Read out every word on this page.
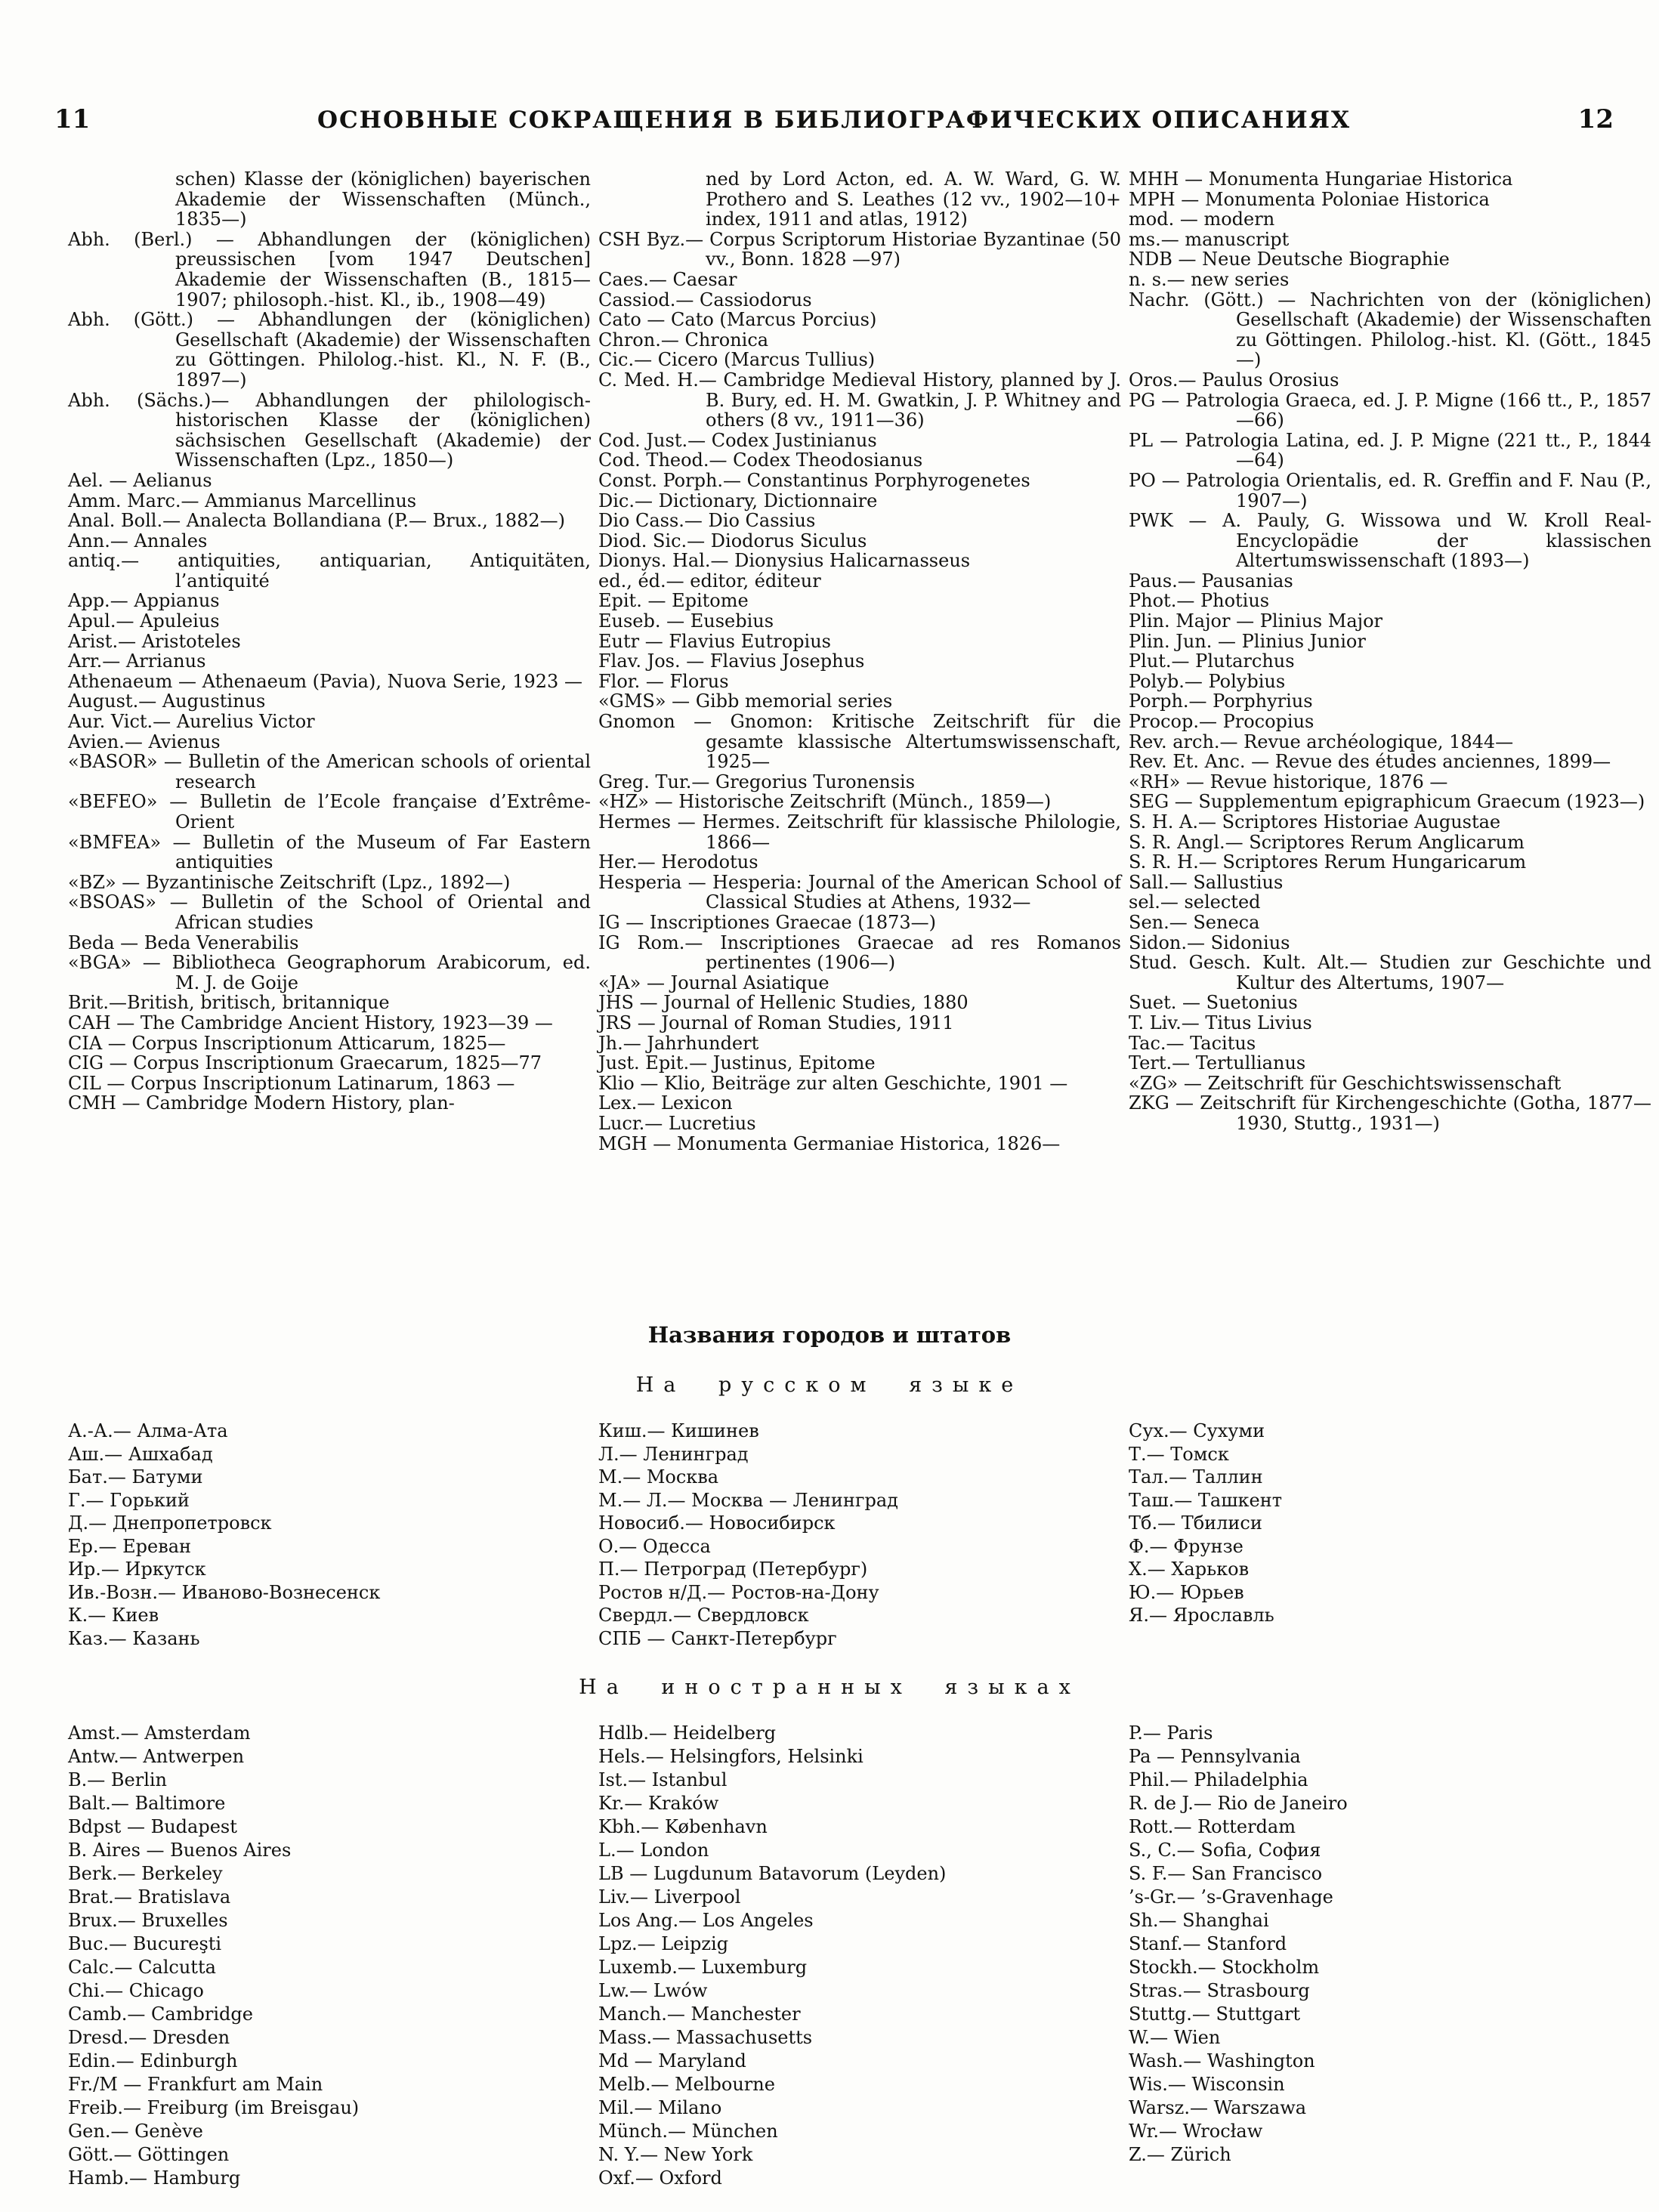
11	ОСНОВНЫЕ СОКРАЩЕНИЯ В БИБЛИОГРАФИЧЕСКИХ ОПИСАНИЯХ	12
schen) Klasse der (königlichen) bayerischen Akademie der Wissenschaften (Münch., 1835—)
Abh. (Berl.) — Abhandlungen der (königlichen) preussischen [vom 1947 Deutschen] Akademie der Wissenschaften (B., 1815—1907; philosoph.-hist. Kl., ib., 1908—49)
Abh. (Gött.) — Abhandlungen der (königlichen) Gesellschaft (Akademie) der Wissenschaften zu Göttingen. Philolog.-hist. Kl., N. F. (B., 1897—)
Abh. (Sächs.)— Abhandlungen der philologisch-historischen Klasse der (königlichen) sächsischen Gesellschaft (Akademie) der Wissenschaften (Lpz., 1850—)
Ael. — Aelianus
Amm. Marc.— Ammianus Marcellinus
Anal. Boll.— Analecta Bollandiana (P.— Brux., 1882—)
Ann.— Annales
antiq.— antiquities, antiquarian, Antiquitäten, l’antiquité
App.— Appianus
Apul.— Apuleius
Arist.— Aristoteles
Arr.— Arrianus
Athenaeum — Athenaeum (Pavia), Nuova Serie, 1923 —
August.— Augustinus
Aur. Vict.— Aurelius Victor
Avien.— Avienus
«BASOR» — Bulletin of the American schools of oriental research
«BEFEO» — Bulletin de l’Ecole française d’Extrême-Orient
«BMFEA» — Bulletin of the Museum of Far Eastern antiquities
«BZ» — Byzantinische Zeitschrift (Lpz., 1892—)
«BSOAS» — Bulletin of the School of Oriental and African studies
Beda — Beda Venerabilis
«BGA» — Bibliotheca Geographorum Arabicorum, ed. M. J. de Goije
Brit.—British, britisch, britannique
CAH — The Cambridge Ancient History, 1923—39 —
CIA — Corpus Inscriptionum Atticarum, 1825—
CIG — Corpus Inscriptionum Graecarum, 1825—77
CIL — Corpus Inscriptionum Latinarum, 1863 —
CMH — Cambridge Modern History, plan-
ned by Lord Acton, ed. A. W. Ward, G. W. Prothero and S. Leathes (12 vv., 1902—10+ index, 1911 and atlas, 1912)
CSH Byz.— Corpus Scriptorum Historiae Byzantinae (50 vv., Bonn. 1828 —97)
Caes.— Caesar
Cassiod.— Cassiodorus
Cato — Cato (Marcus Porcius)
Chron.— Chronica
Cic.— Cicero (Marcus Tullius)
C. Med. H.— Cambridge Medieval History, planned by J. B. Bury, ed. H. M. Gwatkin, J. P. Whitney and others (8 vv., 1911—36)
Cod. Just.— Codex Justinianus
Cod. Theod.— Codex Theodosianus
Const. Porph.— Constantinus Porphyrogenetes
Dic.— Dictionary, Dictionnaire
Dio Cass.— Dio Cassius
Diod. Sic.— Diodorus Siculus
Dionys. Hal.— Dionysius Halicarnasseus
ed., éd.— editor, éditeur
Epit. — Epitome
Euseb. — Eusebius
Eutr — Flavius Eutropius
Flav. Jos. — Flavius Josephus
Flor. — Florus
«GMS» — Gibb memorial series
Gnomon — Gnomon: Kritische Zeitschrift für die gesamte klassische Altertumswissenschaft, 1925—
Greg. Tur.— Gregorius Turonensis
«HZ» — Historische Zeitschrift (Münch., 1859—)
Hermes — Hermes. Zeitschrift für klassische Philologie, 1866—
Her.— Herodotus
Hesperia — Hesperia: Journal of the American School of Classical Studies at Athens, 1932—
IG — Inscriptiones Graecae (1873—)
IG Rom.— Inscriptiones Graecae ad res Romanos pertinentes (1906—)
«JA» — Journal Asiatique
JHS — Journal of Hellenic Studies, 1880
JRS — Journal of Roman Studies, 1911
Jh.— Jahrhundert
Just. Epit.— Justinus, Epitome
Klio — Klio, Beiträge zur alten Geschichte, 1901 —
Lex.— Lexicon
Lucr.— Lucretius
MGH — Monumenta Germaniae Historica, 1826—
MHH — Monumenta Hungariae Historica
MPH — Monumenta Poloniae Historica
mod. — modern
ms.— manuscript
NDB — Neue Deutsche Biographie
n. s.— new series
Nachr. (Gött.) — Nachrichten von der (königlichen) Gesellschaft (Akademie) der Wissenschaften zu Göttingen. Philolog.-hist. Kl. (Gött., 1845—)
Oros.— Paulus Orosius
PG — Patrologia Graeca, ed. J. P. Migne (166 tt., P., 1857—66)
PL — Patrologia Latina, ed. J. P. Migne (221 tt., P., 1844—64)
PO — Patrologia Orientalis, ed. R. Greffin and F. Nau (P., 1907—)
PWK — A. Pauly, G. Wissowa und W. Kroll Real-Encyclopädie der klassischen Altertumswissenschaft (1893—)
Paus.— Pausanias
Phot.— Photius
Plin. Major — Plinius Major
Plin. Jun. — Plinius Junior
Plut.— Plutarchus
Polyb.— Polybius
Porph.— Porphyrius
Procop.— Procopius
Rev. arch.— Revue archéologique, 1844—
Rev. Et. Anc. — Revue des études anciennes, 1899—
«RH» — Revue historique, 1876 —
SEG — Supplementum epigraphicum Graecum (1923—)
S. H. A.— Scriptores Historiae Augustae
S. R. Angl.— Scriptores Rerum Anglicarum
S. R. H.— Scriptores Rerum Hungaricarum
Sall.— Sallustius
sel.— selected
Sen.— Seneca
Sidon.— Sidonius
Stud. Gesch. Kult. Alt.— Studien zur Geschichte und Kultur des Altertums, 1907—
Suet. — Suetonius
T. Liv.— Titus Livius
Tac.— Tacitus
Tert.— Tertullianus
«ZG» — Zeitschrift für Geschichtswissenschaft
ZKG — Zeitschrift für Kirchengeschichte (Gotha, 1877—1930, Stuttg., 1931—)
Названия городов и штатов
На русском языке
А.-А.— Алма-Ата
Аш.— Ашхабад
Бат.— Батуми
Г.— Горький
Д.— Днепропетровск
Ер.— Ереван
Ир.— Иркутск
Ив.-Возн.— Иваново-Вознесенск
К.— Киев
Каз.— Казань
Киш.— Кишинев
Л.— Ленинград
М.— Москва
М.— Л.— Москва — Ленинград
Новосиб.— Новосибирск
О.— Одесса
П.— Петроград (Петербург)
Ростов н/Д.— Ростов-на-Дону
Свердл.— Свердловск
СПБ — Санкт-Петербург
Сух.— Сухуми
Т.— Томск
Тал.— Таллин
Таш.— Ташкент
Тб.— Тбилиси
Ф.— Фрунзе
Х.— Харьков
Ю.— Юрьев
Я.— Ярославль
На иностранных языках
Amst.— Amsterdam
Antw.— Antwerpen
B.— Berlin
Balt.— Baltimore
Bdpst — Budapest
B. Aires — Buenos Aires
Berk.— Berkeley
Brat.— Bratislava
Brux.— Bruxelles
Buc.— Bucureşti
Calc.— Calcutta
Chi.— Chicago
Camb.— Cambridge
Dresd.— Dresden
Edin.— Edinburgh
Fr./M — Frankfurt am Main
Freib.— Freiburg (im Breisgau)
Gen.— Genève
Gött.— Göttingen
Hamb.— Hamburg
Hdlb.— Heidelberg
Hels.— Helsingfors, Helsinki
Ist.— Istanbul
Kr.— Kraków
Kbh.— København
L.— London
LB — Lugdunum Batavorum (Leyden)
Liv.— Liverpool
Los Ang.— Los Angeles
Lpz.— Leipzig
Luxemb.— Luxemburg
Lw.— Lwów
Manch.— Manchester
Mass.— Massachusetts
Md — Maryland
Melb.— Melbourne
Mil.— Milano
Münch.— München
N. Y.— New York
Oxf.— Oxford
P.— Paris
Pa — Pennsylvania
Phil.— Philadelphia
R. de J.— Rio de Janeiro
Rott.— Rotterdam
S., C.— Sofia, София
S. F.— San Francisco
’s-Gr.— ’s-Gravenhage
Sh.— Shanghai
Stanf.— Stanford
Stockh.— Stockholm
Stras.— Strasbourg
Stuttg.— Stuttgart
W.— Wien
Wash.— Washington
Wis.— Wisconsin
Warsz.— Warszawa
Wr.— Wrocław
Z.— Zürich
